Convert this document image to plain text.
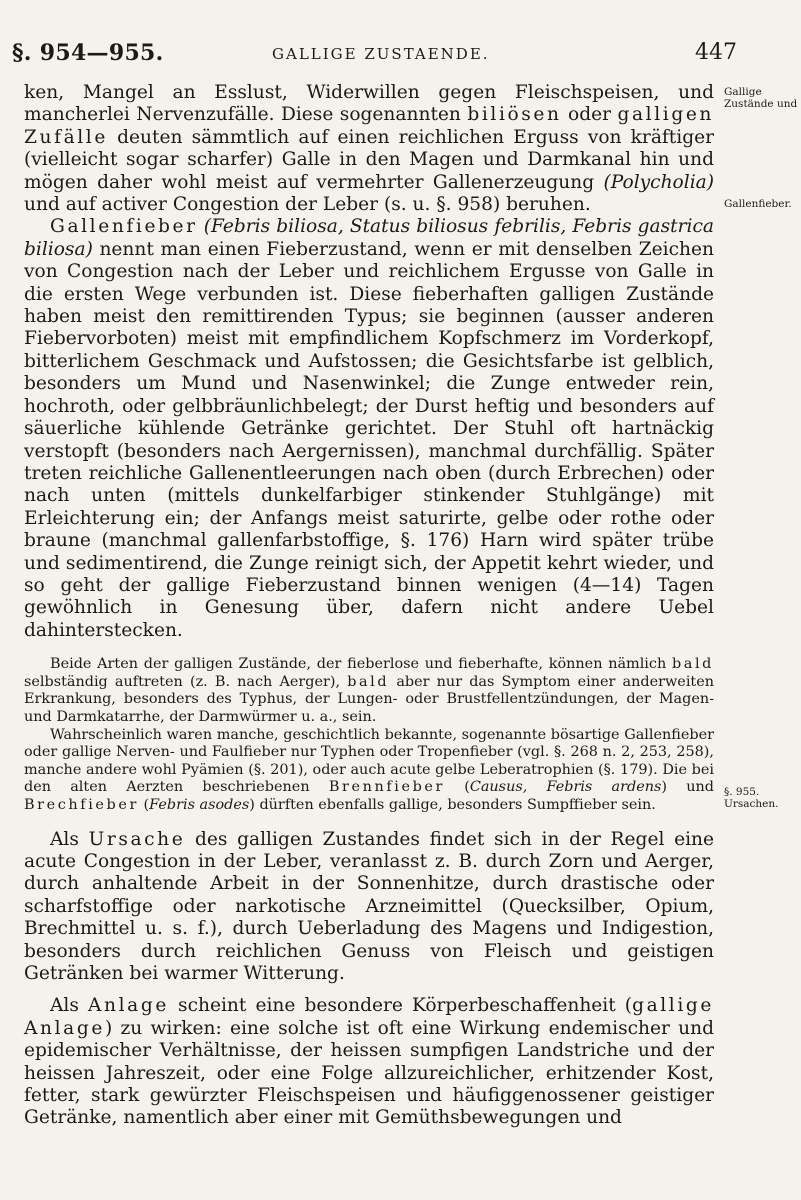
§. 954—955.	GALLIGE ZUSTAENDE.	447
Gallige Zustände und
Gallenfieber.
§. 955.
Ursachen.

ken, Mangel an Esslust, Widerwillen gegen Fleischspeisen, und mancherlei Nervenzufälle. Diese sogenannten biliösen oder galligen Zufälle deuten sämmtlich auf einen reichlichen Erguss von kräftiger (vielleicht sogar scharfer) Galle in den Magen und Darmkanal hin und mögen daher wohl meist auf vermehrter Gallenerzeugung (Polycholia) und auf activer Congestion der Leber (s. u. §. 958) beruhen.

Gallenfieber (Febris biliosa, Status biliosus febrilis, Febris gastrica biliosa) nennt man einen Fieberzustand, wenn er mit denselben Zeichen von Congestion nach der Leber und reichlichem Ergusse von Galle in die ersten Wege verbunden ist. Diese fieberhaften galligen Zustände haben meist den remittirenden Typus; sie beginnen (ausser anderen Fiebervorboten) meist mit empfindlichem Kopfschmerz im Vorderkopf, bitterlichem Geschmack und Aufstossen; die Gesichtsfarbe ist gelblich, besonders um Mund und Nasenwinkel; die Zunge entweder rein, hochroth, oder gelbbräunlichbelegt; der Durst heftig und besonders auf säuerliche kühlende Getränke gerichtet. Der Stuhl oft hartnäckig verstopft (besonders nach Aergernissen), manchmal durchfällig. Später treten reichliche Gallenentleerungen nach oben (durch Erbrechen) oder nach unten (mittels dunkelfarbiger stinkender Stuhlgänge) mit Erleichterung ein; der Anfangs meist saturirte, gelbe oder rothe oder braune (manchmal gallenfarbstoffige, §. 176) Harn wird später trübe und sedimentirend, die Zunge reinigt sich, der Appetit kehrt wieder, und so geht der gallige Fieberzustand binnen wenigen (4—14) Tagen gewöhnlich in Genesung über, dafern nicht andere Uebel dahinterstecken.

Beide Arten der galligen Zustände, der fieberlose und fieberhafte, können nämlich bald selbständig auftreten (z. B. nach Aerger), bald aber nur das Symptom einer anderweiten Erkrankung, besonders des Typhus, der Lungen- oder Brustfellentzündungen, der Magen- und Darmkatarrhe, der Darmwürmer u. a., sein.

Wahrscheinlich waren manche, geschichtlich bekannte, sogenannte bösartige Gallenfieber oder gallige Nerven- und Faulfieber nur Typhen oder Tropenfieber (vgl. §. 268 n. 2, 253, 258), manche andere wohl Pyämien (§. 201), oder auch acute gelbe Leberatrophien (§. 179). Die bei den alten Aerzten beschriebenen Brennfieber (Causus, Febris ardens) und Brechfieber (Febris asodes) dürften ebenfalls gallige, besonders Sumpffieber sein.

Als Ursache des galligen Zustandes findet sich in der Regel eine acute Congestion in der Leber, veranlasst z. B. durch Zorn und Aerger, durch anhaltende Arbeit in der Sonnenhitze, durch drastische oder scharfstoffige oder narkotische Arzneimittel (Quecksilber, Opium, Brechmittel u. s. f.), durch Ueberladung des Magens und Indigestion, besonders durch reichlichen Genuss von Fleisch und geistigen Getränken bei warmer Witterung.

Als Anlage scheint eine besondere Körperbeschaffenheit (gallige Anlage) zu wirken: eine solche ist oft eine Wirkung endemischer und epidemischer Verhältnisse, der heissen sumpfigen Landstriche und der heissen Jahreszeit, oder eine Folge allzureichlicher, erhitzender Kost, fetter, stark gewürzter Fleischspeisen und häufiggenossener geistiger Getränke, namentlich aber einer mit Gemüthsbewegungen und
